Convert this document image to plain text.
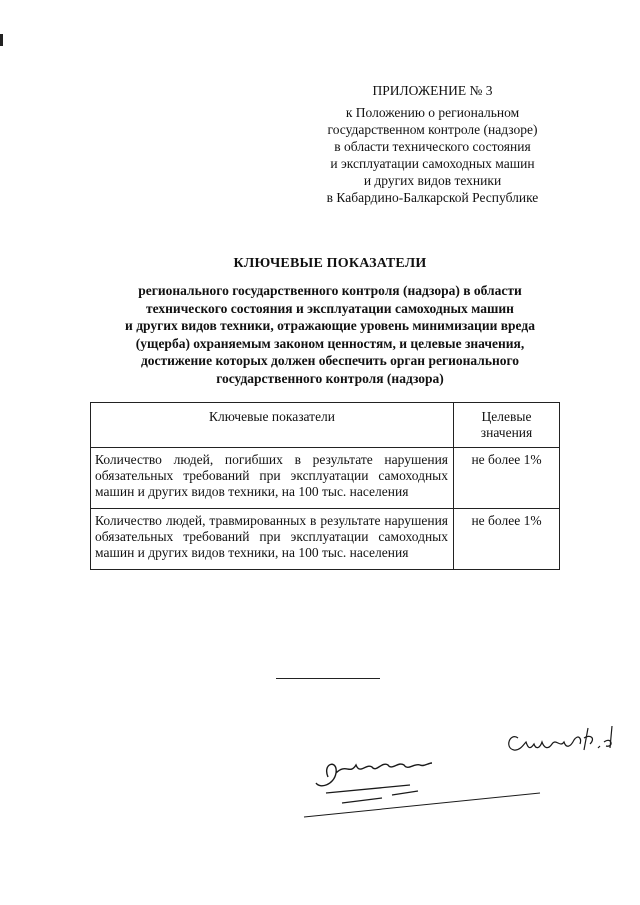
ПРИЛОЖЕНИЕ № 3
к Положению о региональном
государственном контроле (надзоре)
в области технического состояния
и эксплуатации самоходных машин
и других видов техники
в Кабардино-Балкарской Республике
КЛЮЧЕВЫЕ ПОКАЗАТЕЛИ
регионального государственного контроля (надзора) в области
технического состояния и эксплуатации самоходных машин
и других видов техники, отражающие уровень минимизации вреда
(ущерба) охраняемым законом ценностям, и целевые значения,
достижение которых должен обеспечить орган регионального
государственного контроля (надзора)
Ключевые показатели	Целевые значения
Количество людей, погибших в результате нарушения обязательных требований при эксплуатации самоходных машин и других видов техники, на 100 тыс. населения	не более 1%
Количество людей, травмированных в результате нарушения обязательных требований при эксплуатации самоходных машин и других видов техники, на 100 тыс. населения	не более 1%
